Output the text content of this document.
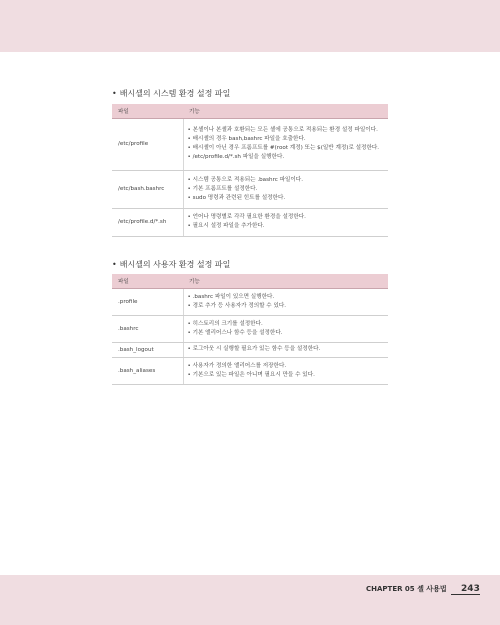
• 배시셸의 시스템 환경 설정 파일
파일	기능
/etc/profile	• 본셸이나 본셸과 호환되는 모든 셸에 공통으로 적용되는 환경 설정 파일이다.
• 배시셸의 경우 bash,bashrc 파일을 호출한다.
• 배시셸이 아닌 경우 프롬프트를 #(root 계정) 또는 $(일반 계정)로 설정한다.
• /etc/profile.d/*.sh 파일을 실행한다.

/etc/bash.bashrc	• 시스템 공통으로 적용되는 .bashrc 파일이다.
• 기본 프롬프트를 설정한다.
• sudo 명령과 관련된 힌트를 설정한다.

/etc/profile.d/*.sh	• 언어나 명령별로 각각 필요한 환경을 설정한다.
• 필요시 설정 파일을 추가한다.
• 배시셸의 사용자 환경 설정 파일
파일	기능
.profile	• .bashrc 파일이 있으면 실행한다.
• 경로 추가 등 사용자가 정의할 수 있다.

.bashrc	• 히스토리의 크기를 설정한다.
• 기본 앨리어스나 함수 등을 설정한다.

.bash_logout	• 로그아웃 시 실행할 필요가 있는 함수 등을 설정한다.

.bash_aliases	• 사용자가 정의한 앨리어스를 저장한다.
• 기본으로 있는 파일은 아니며 필요시 만들 수 있다.
CHAPTER 05 셸 사용법 243
